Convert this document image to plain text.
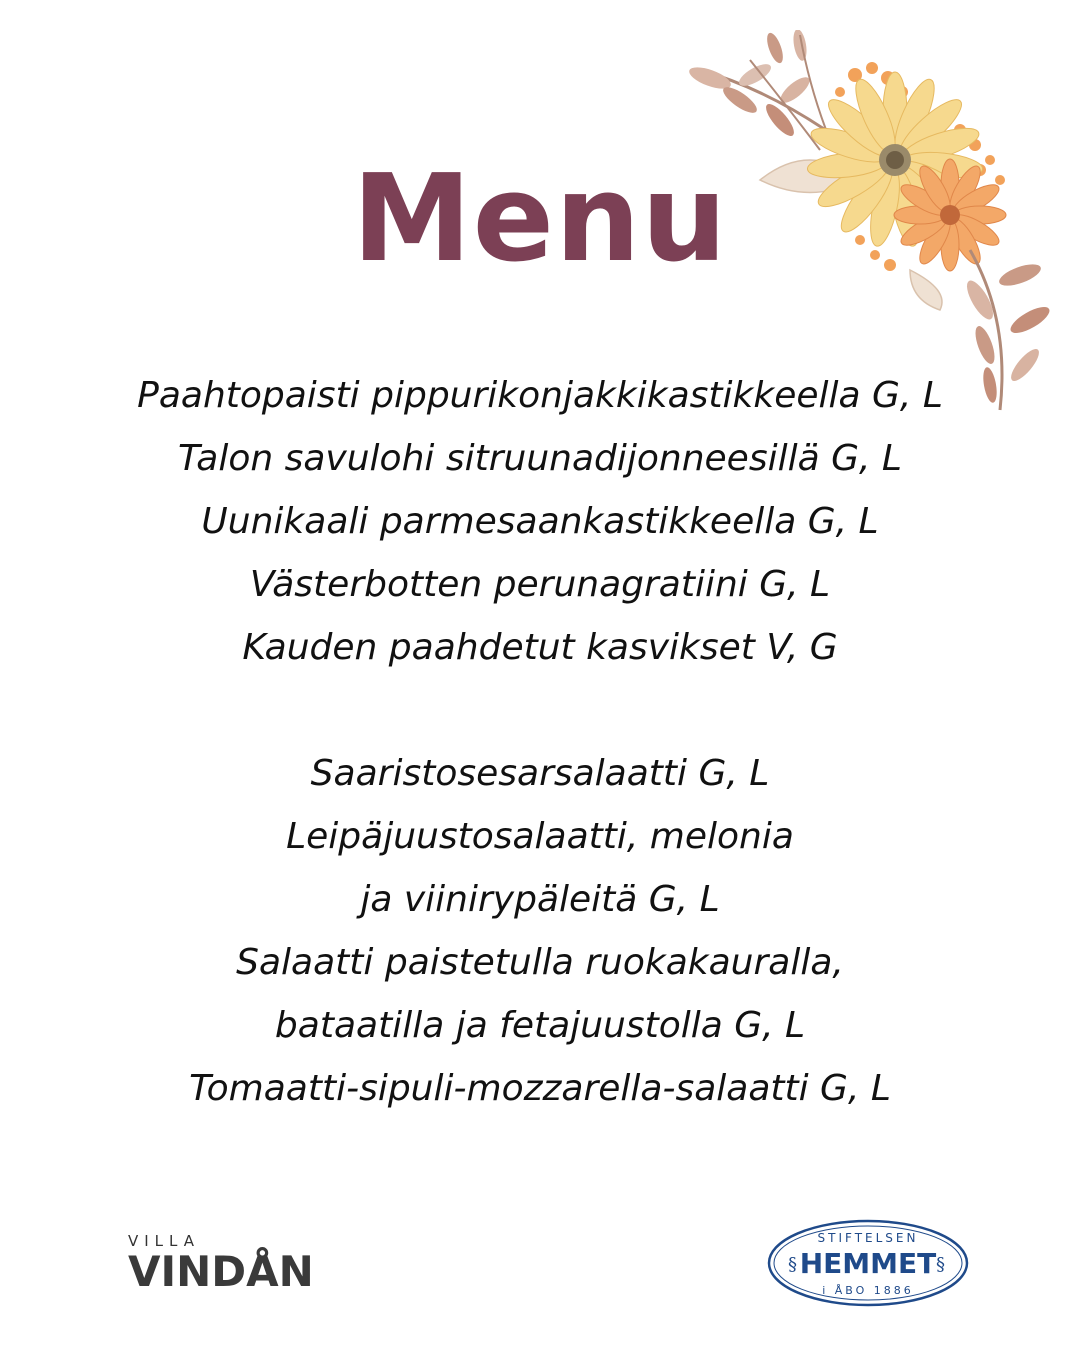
Menu
Paahtopaisti pippurikonjakkikastikkeella G, L
Talon savulohi sitruunadijonneesillä G, L
Uunikaali parmesaankastikkeella G, L
Västerbotten perunagratiini G, L
Kauden paahdetut kasvikset V, G
Saaristosesarsalaatti G, L
Leipäjuustosalaatti, melonia
ja viinirypäleitä G, L
Salaatti paistetulla ruokakauralla,
bataatilla ja fetajuustolla G, L
Tomaatti-sipuli-mozzarella-salaatti G, L
VILLA
VINDÅN
STIFTELSEN
HEMMET
i ÅBO 1886
§	§
